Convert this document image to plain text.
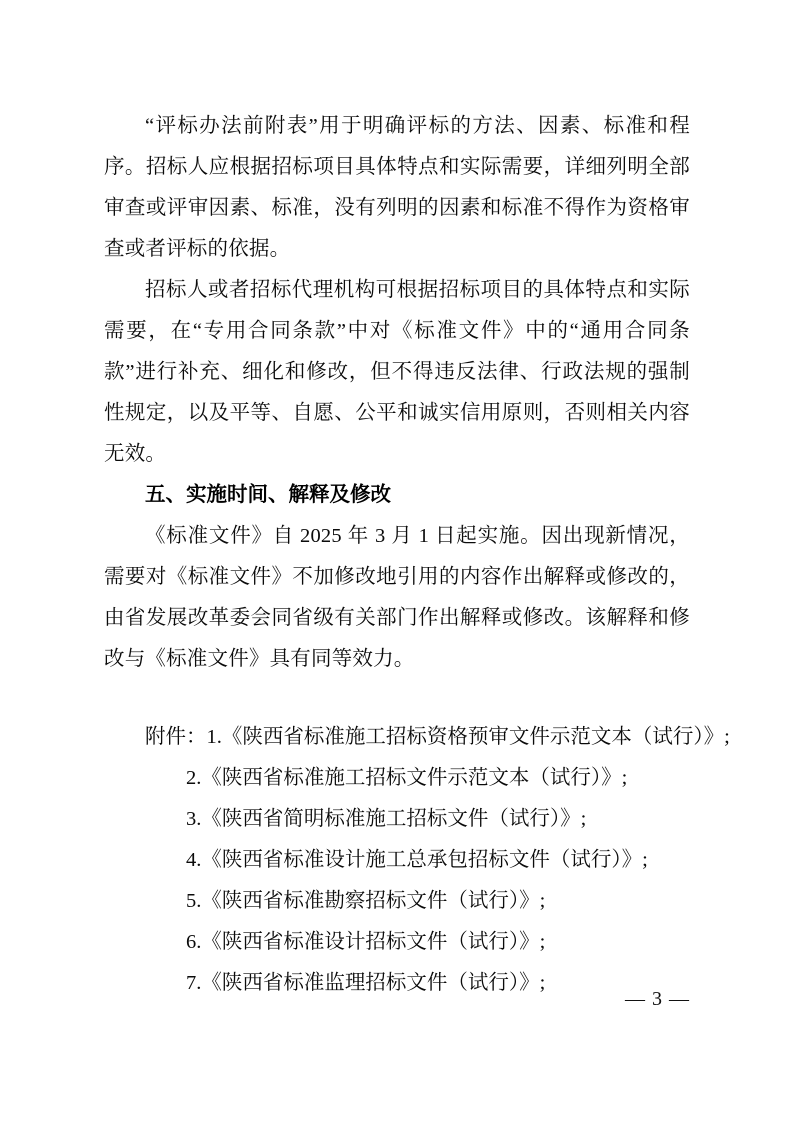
“评标办法前附表”用于明确评标的方法、因素、标准和程序。招标人应根据招标项目具体特点和实际需要，详细列明全部审查或评审因素、标准，没有列明的因素和标准不得作为资格审查或者评标的依据。

招标人或者招标代理机构可根据招标项目的具体特点和实际需要，在“专用合同条款”中对《标准文件》中的“通用合同条款”进行补充、细化和修改，但不得违反法律、行政法规的强制性规定，以及平等、自愿、公平和诚实信用原则，否则相关内容无效。

五、实施时间、解释及修改

《标准文件》自 2025 年 3 月 1 日起实施。因出现新情况，需要对《标准文件》不加修改地引用的内容作出解释或修改的，由省发展改革委会同省级有关部门作出解释或修改。该解释和修改与《标准文件》具有同等效力。

附件：1.《陕西省标准施工招标资格预审文件示范文本（试行）》;

2.《陕西省标准施工招标文件示范文本（试行）》;

3.《陕西省简明标准施工招标文件（试行）》;

4.《陕西省标准设计施工总承包招标文件（试行）》;

5.《陕西省标准勘察招标文件（试行）》;

6.《陕西省标准设计招标文件（试行）》;

7.《陕西省标准监理招标文件（试行）》;

— 3 —
